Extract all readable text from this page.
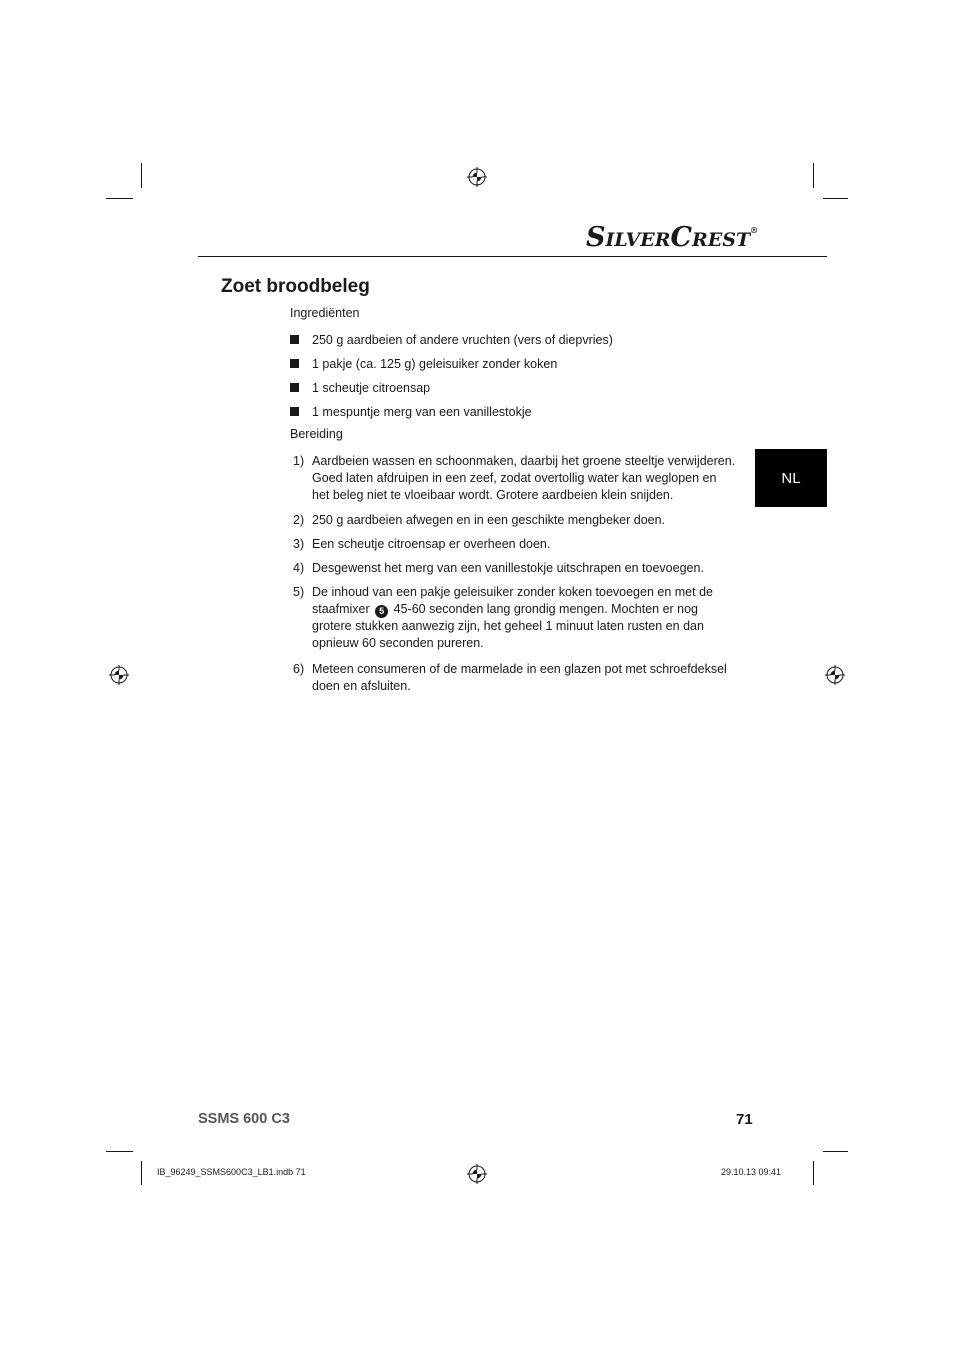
SILVERCREST®
Zoet broodbeleg
Ingrediënten
250 g aardbeien of andere vruchten (vers of diepvries)
1 pakje (ca. 125 g) geleisuiker zonder koken
1 scheutje citroensap
1 mespuntje merg van een vanillestokje
Bereiding
1) Aardbeien wassen en schoonmaken, daarbij het groene steeltje verwijderen.
Goed laten afdruipen in een zeef, zodat overtollig water kan weglopen en
het beleg niet te vloeibaar wordt. Grotere aardbeien klein snijden.
2) 250 g aardbeien afwegen en in een geschikte mengbeker doen.
3) Een scheutje citroensap er overheen doen.
4) Desgewenst het merg van een vanillestokje uitschrapen en toevoegen.
5) De inhoud van een pakje geleisuiker zonder koken toevoegen en met de
staafmixer 5 45-60 seconden lang grondig mengen. Mochten er nog
grotere stukken aanwezig zijn, het geheel 1 minuut laten rusten en dan
opnieuw 60 seconden pureren.
6) Meteen consumeren of de marmelade in een glazen pot met schroefdeksel
doen en afsluiten.
NL
SSMS 600 C3	71
IB_96249_SSMS600C3_LB1.indb 71	29.10.13 09:41
